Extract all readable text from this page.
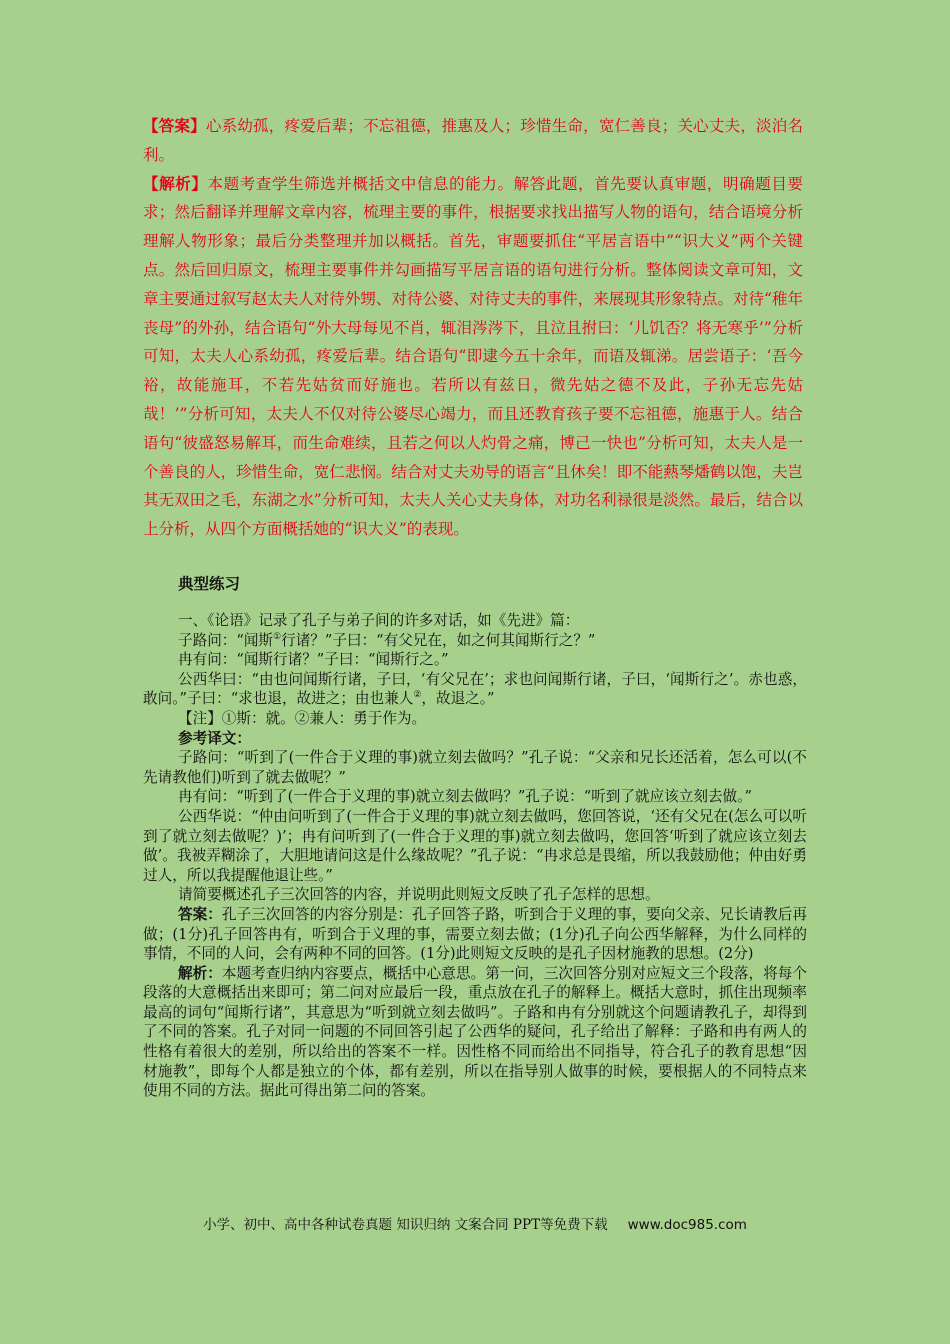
【答案】心系幼孤，疼爱后辈；不忘祖德，推惠及人；珍惜生命，宽仁善良；关心丈夫，淡泊名利。

【解析】本题考查学生筛选并概括文中信息的能力。解答此题，首先要认真审题，明确题目要求；然后翻译并理解文章内容，梳理主要的事件，根据要求找出描写人物的语句，结合语境分析理解人物形象；最后分类整理并加以概括。首先，审题要抓住“平居言语中”“识大义”两个关键点。然后回归原文，梳理主要事件并勾画描写平居言语的语句进行分析。整体阅读文章可知，文章主要通过叙写赵太夫人对待外甥、对待公婆、对待丈夫的事件，来展现其形象特点。对待“稚年丧母”的外孙，结合语句“外大母每见不肖，辄泪涔涔下，且泣且拊曰：‘儿饥否？将无寒乎’”分析可知，太夫人心系幼孤，疼爱后辈。结合语句“即逮今五十余年，而语及辄涕。居尝语子：‘吾今裕，故能施耳，不若先姑贫而好施也。若所以有兹日，微先姑之德不及此，子孙无忘先姑哉！’”分析可知，太夫人不仅对待公婆尽心竭力，而且还教育孩子要不忘祖德，施惠于人。结合语句“彼盛怒易解耳，而生命难续，且若之何以人灼骨之痛，博己一快也”分析可知，太夫人是一个善良的人，珍惜生命，宽仁悲悯。结合对丈夫劝导的语言“且休矣！即不能爇琴燔鹤以饱，夫岂其无双田之毛，东湖之水”分析可知，太夫人关心丈夫身体，对功名利禄很是淡然。最后，结合以上分析，从四个方面概括她的“识大义”的表现。

典型练习

一、《论语》记录了孔子与弟子间的许多对话，如《先进》篇：

子路问：“闻斯①行诸？”子曰：“有父兄在，如之何其闻斯行之？”

冉有问：“闻斯行诸？”子曰：“闻斯行之。”

公西华曰：“由也问闻斯行诸，子曰，‘有父兄在’；求也问闻斯行诸，子曰，‘闻斯行之’。赤也惑，敢问。”子曰：“求也退，故进之；由也兼人②，故退之。”

【注】①斯：就。②兼人：勇于作为。

参考译文：

子路问：“听到了(一件合于义理的事)就立刻去做吗？”孔子说：“父亲和兄长还活着，怎么可以(不先请教他们)听到了就去做呢？”

冉有问：“听到了(一件合于义理的事)就立刻去做吗？”孔子说：“听到了就应该立刻去做。”

公西华说：“仲由问听到了(一件合于义理的事)就立刻去做吗，您回答说，‘还有父兄在(怎么可以听到了就立刻去做呢？)’；冉有问听到了(一件合于义理的事)就立刻去做吗，您回答‘听到了就应该立刻去做’。我被弄糊涂了，大胆地请问这是什么缘故呢？”孔子说：“冉求总是畏缩，所以我鼓励他；仲由好勇过人，所以我提醒他退让些。”

请简要概述孔子三次回答的内容，并说明此则短文反映了孔子怎样的思想。

答案：孔子三次回答的内容分别是：孔子回答子路，听到合于义理的事，要向父亲、兄长请教后再做；(1分)孔子回答冉有，听到合于义理的事，需要立刻去做；(1分)孔子向公西华解释，为什么同样的事情，不同的人问，会有两种不同的回答。(1分)此则短文反映的是孔子因材施教的思想。(2分)

解析：本题考查归纳内容要点，概括中心意思。第一问，三次回答分别对应短文三个段落，将每个段落的大意概括出来即可；第二问对应最后一段，重点放在孔子的解释上。概括大意时，抓住出现频率最高的词句“闻斯行诸”，其意思为“听到就立刻去做吗”。子路和冉有分别就这个问题请教孔子，却得到了不同的答案。孔子对同一问题的不同回答引起了公西华的疑问，孔子给出了解释：子路和冉有两人的性格有着很大的差别，所以给出的答案不一样。因性格不同而给出不同指导，符合孔子的教育思想“因材施教”，即每个人都是独立的个体，都有差别，所以在指导别人做事的时候，要根据人的不同特点来使用不同的方法。据此可得出第二问的答案。

小学、初中、高中各种试卷真题 知识归纳 文案合同 PPT等免费下载 www.doc985.com
